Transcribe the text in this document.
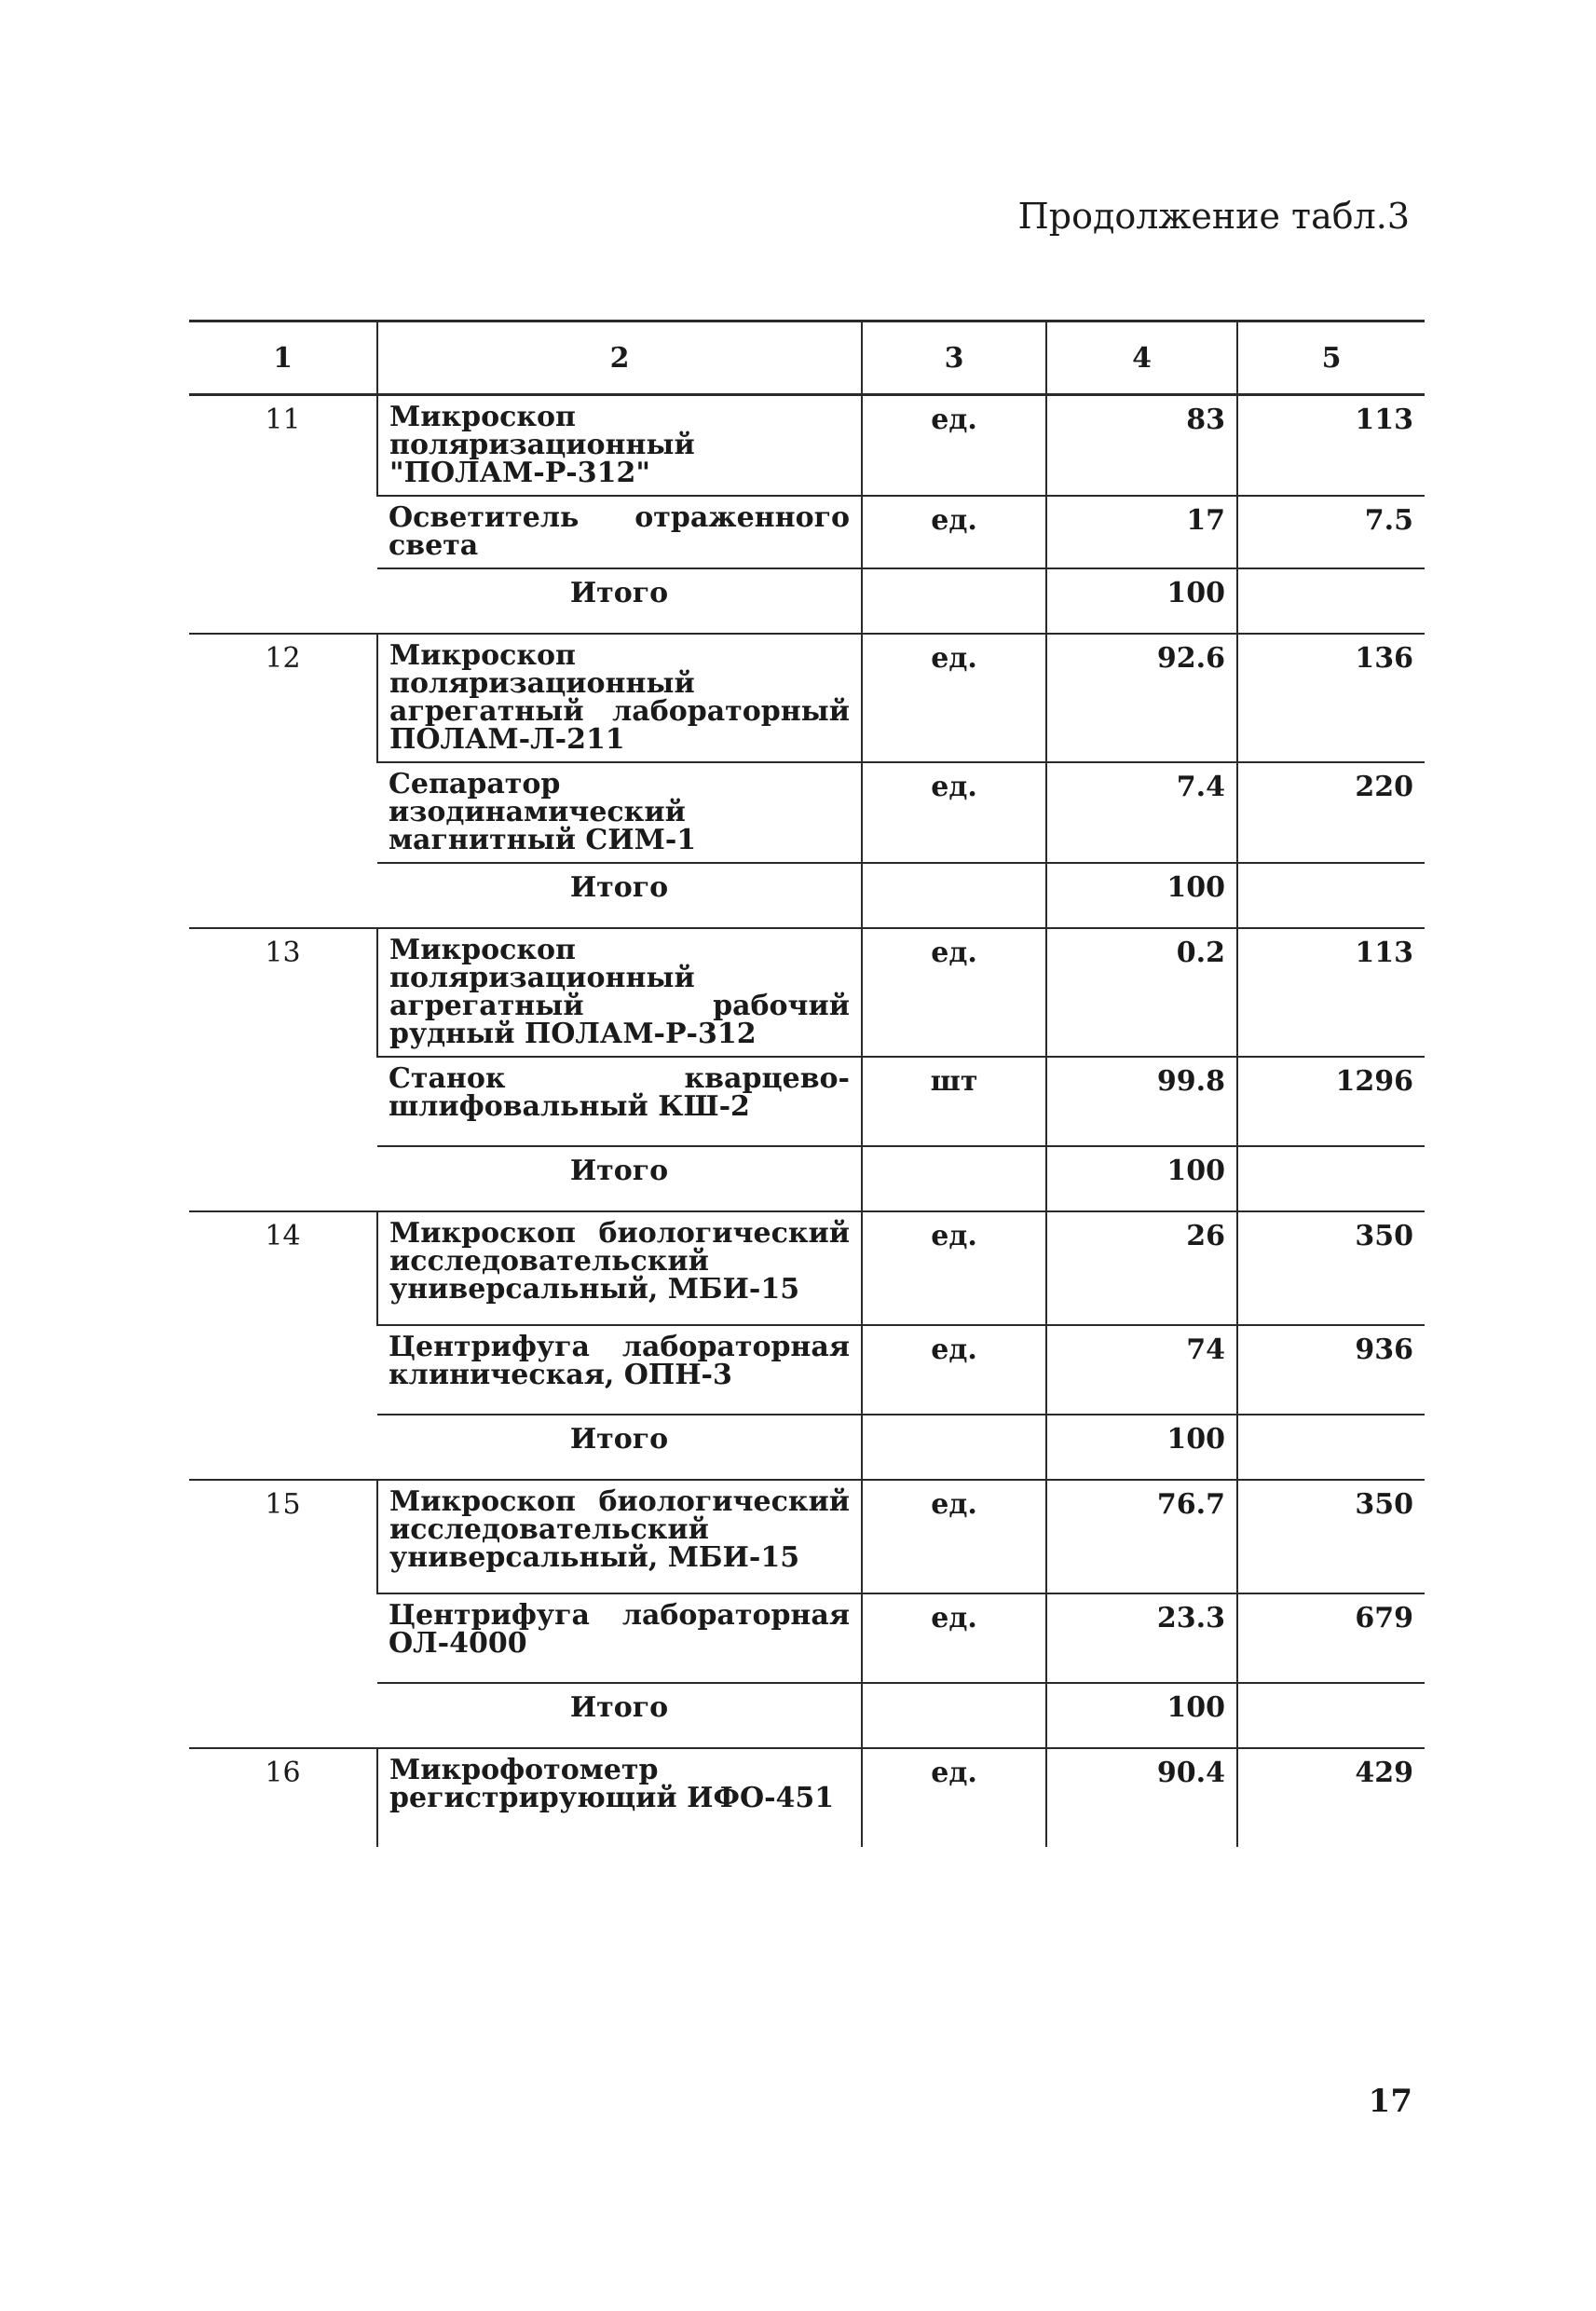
Продолжение табл.3
1	2	3	4	5
11	Микроскоп поляризационный "ПОЛАМ-Р-312"	ед.	83	113
	Осветитель отраженного света	ед.	17	7.5
	Итого		100	
12	Микроскоп поляризационный агрегатный лабораторный ПОЛАМ-Л-211	ед.	92.6	136
	Сепаратор изодинамический магнитный СИМ-1	ед.	7.4	220
	Итого		100	
13	Микроскоп поляризационный агрегатный рабочий рудный ПОЛАМ-Р-312	ед.	0.2	113
	Станок кварцево-шлифовальный КШ-2	шт	99.8	1296
	Итого		100	
14	Микроскоп биологический исследовательский универсальный, МБИ-15	ед.	26	350
	Центрифуга лабораторная клиническая, ОПН-3	ед.	74	936
	Итого		100	
15	Микроскоп биологический исследовательский универсальный, МБИ-15	ед.	76.7	350
	Центрифуга лабораторная ОЛ-4000	ед.	23.3	679
	Итого		100	
16	Микрофотометр регистрирующий ИФО-451	ед.	90.4	429
17
